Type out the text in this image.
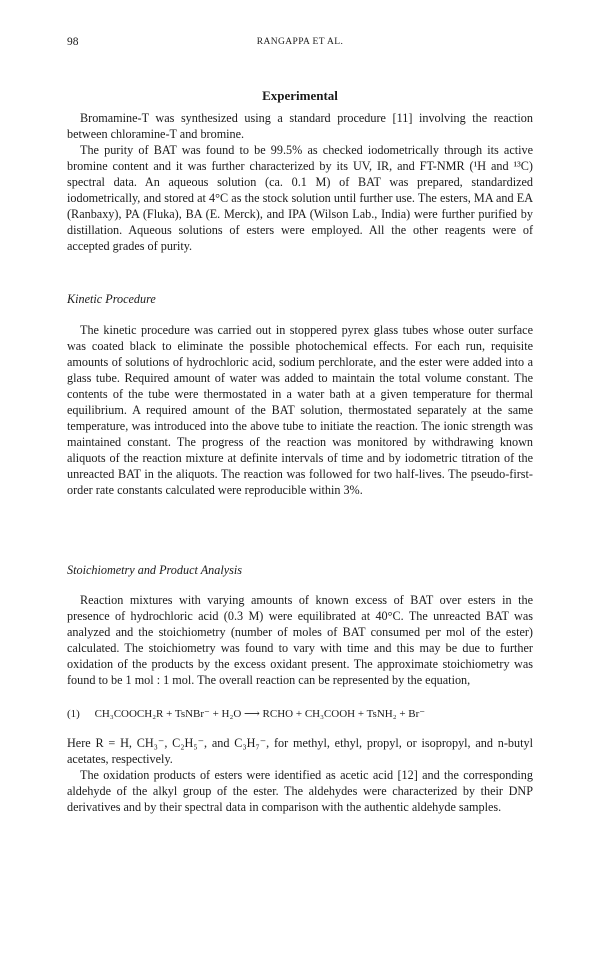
98	RANGAPPA ET AL.
Experimental

Bromamine-T was synthesized using a standard procedure [11] involving the reaction between chloramine-T and bromine.

The purity of BAT was found to be 99.5% as checked iodometrically through its active bromine content and it was further characterized by its UV, IR, and FT-NMR (¹H and ¹³C) spectral data. An aqueous solution (ca. 0.1 M) of BAT was prepared, standardized iodometrically, and stored at 4°C as the stock solution until further use. The esters, MA and EA (Ranbaxy), PA (Fluka), BA (E. Merck), and IPA (Wilson Lab., India) were further purified by distillation. Aqueous solutions of esters were employed. All the other reagents were of accepted grades of purity.

Kinetic Procedure

The kinetic procedure was carried out in stoppered pyrex glass tubes whose outer surface was coated black to eliminate the possible photochemical effects. For each run, requisite amounts of solutions of hydrochloric acid, sodium perchlorate, and the ester were added into a glass tube. Required amount of water was added to maintain the total volume constant. The contents of the tube were thermostated in a water bath at a given temperature for thermal equilibrium. A required amount of the BAT solution, thermostated separately at the same temperature, was introduced into the above tube to initiate the reaction. The ionic strength was maintained constant. The progress of the reaction was monitored by withdrawing known aliquots of the reaction mixture at definite intervals of time and by iodometric titration of the unreacted BAT in the aliquots. The reaction was followed for two half-lives. The pseudo-first-order rate constants calculated were reproducible within 3%.

Stoichiometry and Product Analysis

Reaction mixtures with varying amounts of known excess of BAT over esters in the presence of hydrochloric acid (0.3 M) were equilibrated at 40°C. The unreacted BAT was analyzed and the stoichiometry (number of moles of BAT consumed per mol of the ester) calculated. The stoichiometry was found to vary with time and this may be due to further oxidation of the products by the excess oxidant present. The approximate stoichiometry was found to be 1 mol : 1 mol. The overall reaction can be represented by the equation,

(1) CH₃COOCH₂R + TsNBr⁻ + H₂O ⟶ RCHO + CH₃COOH + TsNH₂ + Br⁻

Here R = H, CH₃⁻, C₂H₅⁻, and C₃H₇⁻, for methyl, ethyl, propyl, or isopropyl, and n-butyl acetates, respectively.

The oxidation products of esters were identified as acetic acid [12] and the corresponding aldehyde of the alkyl group of the ester. The aldehydes were characterized by their DNP derivatives and by their spectral data in comparison with the authentic aldehyde samples.
